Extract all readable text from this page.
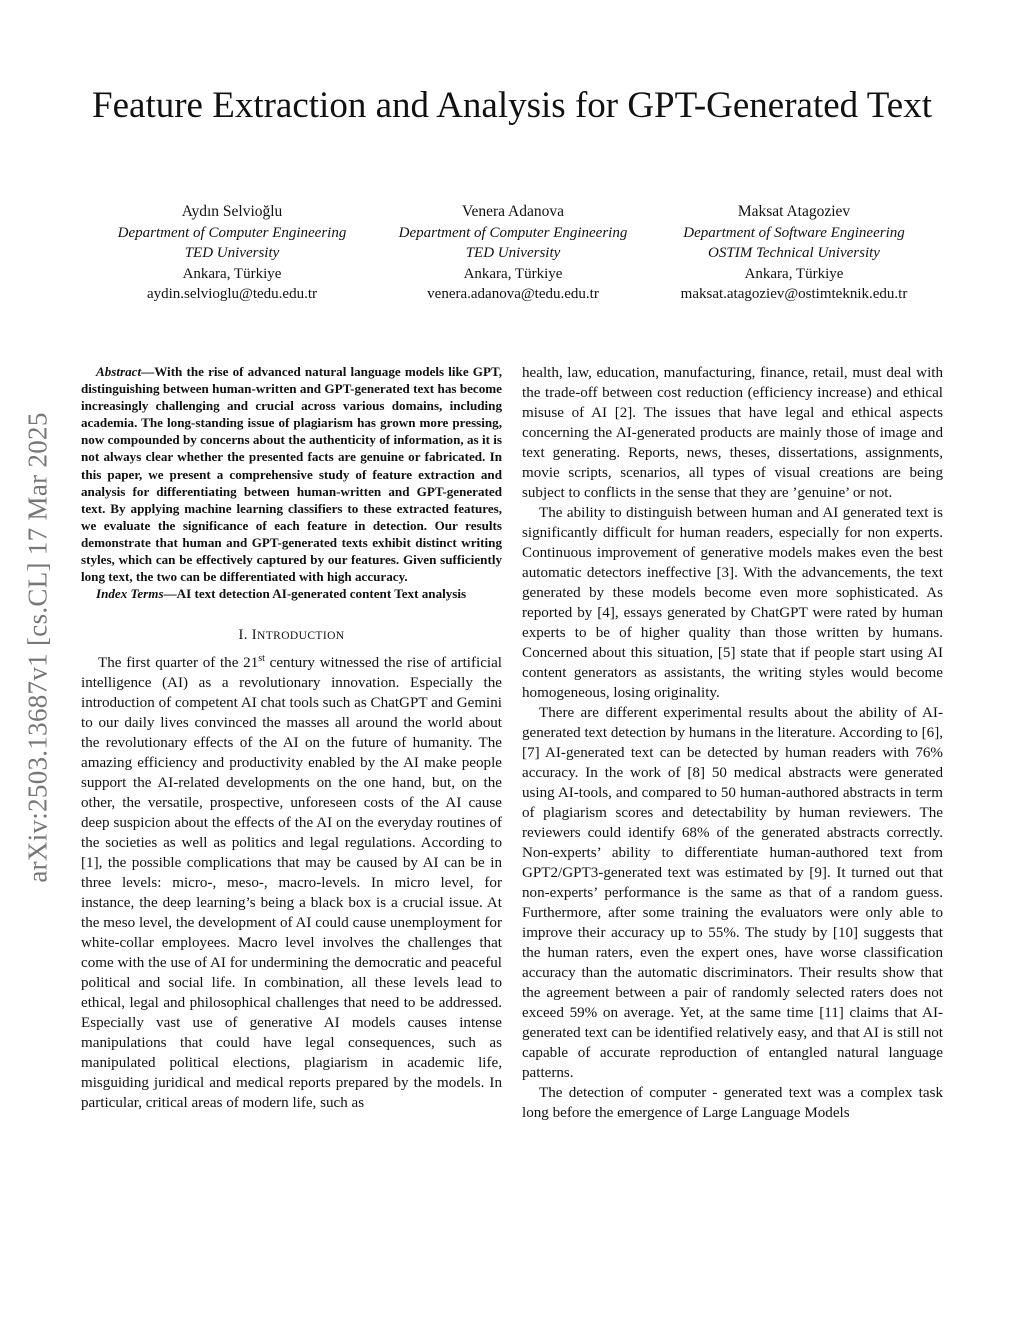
arXiv:2503.13687v1 [cs.CL] 17 Mar 2025
Feature Extraction and Analysis for GPT-Generated Text
Aydın Selvioğlu
Department of Computer Engineering
TED University
Ankara, Türkiye
aydin.selvioglu@tedu.edu.tr
Venera Adanova
Department of Computer Engineering
TED University
Ankara, Türkiye
venera.adanova@tedu.edu.tr
Maksat Atagoziev
Department of Software Engineering
OSTIM Technical University
Ankara, Türkiye
maksat.atagoziev@ostimteknik.edu.tr

Abstract—With the rise of advanced natural language models like GPT, distinguishing between human-written and GPT-generated text has become increasingly challenging and crucial across various domains, including academia. The long-standing issue of plagiarism has grown more pressing, now compounded by concerns about the authenticity of information, as it is not always clear whether the presented facts are genuine or fabricated. In this paper, we present a comprehensive study of feature extraction and analysis for differentiating between human-written and GPT-generated text. By applying machine learning classifiers to these extracted features, we evaluate the significance of each feature in detection. Our results demonstrate that human and GPT-generated texts exhibit distinct writing styles, which can be effectively captured by our features. Given sufficiently long text, the two can be differentiated with high accuracy.

Index Terms—AI text detection AI-generated content Text analysis

I. INTRODUCTION

The first quarter of the 21st century witnessed the rise of artificial intelligence (AI) as a revolutionary innovation. Especially the introduction of competent AI chat tools such as ChatGPT and Gemini to our daily lives convinced the masses all around the world about the revolutionary effects of the AI on the future of humanity. The amazing efficiency and productivity enabled by the AI make people support the AI-related developments on the one hand, but, on the other, the versatile, prospective, unforeseen costs of the AI cause deep suspicion about the effects of the AI on the everyday routines of the societies as well as politics and legal regulations. According to [1], the possible complications that may be caused by AI can be in three levels: micro-, meso-, macro-levels. In micro level, for instance, the deep learning’s being a black box is a crucial issue. At the meso level, the development of AI could cause unemployment for white-collar employees. Macro level involves the challenges that come with the use of AI for undermining the democratic and peaceful political and social life. In combination, all these levels lead to ethical, legal and philosophical challenges that need to be addressed. Especially vast use of generative AI models causes intense manipulations that could have legal consequences, such as manipulated political elections, plagiarism in academic life, misguiding juridical and medical reports prepared by the models. In particular, critical areas of modern life, such as

health, law, education, manufacturing, finance, retail, must deal with the trade-off between cost reduction (efficiency increase) and ethical misuse of AI [2]. The issues that have legal and ethical aspects concerning the AI-generated products are mainly those of image and text generating. Reports, news, theses, dissertations, assignments, movie scripts, scenarios, all types of visual creations are being subject to conflicts in the sense that they are ’genuine’ or not.

The ability to distinguish between human and AI generated text is significantly difficult for human readers, especially for non experts. Continuous improvement of generative models makes even the best automatic detectors ineffective [3]. With the advancements, the text generated by these models become even more sophisticated. As reported by [4], essays generated by ChatGPT were rated by human experts to be of higher quality than those written by humans. Concerned about this situation, [5] state that if people start using AI content generators as assistants, the writing styles would become homogeneous, losing originality.

There are different experimental results about the ability of AI-generated text detection by humans in the literature. According to [6], [7] AI-generated text can be detected by human readers with 76% accuracy. In the work of [8] 50 medical abstracts were generated using AI-tools, and compared to 50 human-authored abstracts in term of plagiarism scores and detectability by human reviewers. The reviewers could identify 68% of the generated abstracts correctly. Non-experts’ ability to differentiate human-authored text from GPT2/GPT3-generated text was estimated by [9]. It turned out that non-experts’ performance is the same as that of a random guess. Furthermore, after some training the evaluators were only able to improve their accuracy up to 55%. The study by [10] suggests that the human raters, even the expert ones, have worse classification accuracy than the automatic discriminators. Their results show that the agreement between a pair of randomly selected raters does not exceed 59% on average. Yet, at the same time [11] claims that AI-generated text can be identified relatively easy, and that AI is still not capable of accurate reproduction of entangled natural language patterns.

The detection of computer - generated text was a complex task long before the emergence of Large Language Models
